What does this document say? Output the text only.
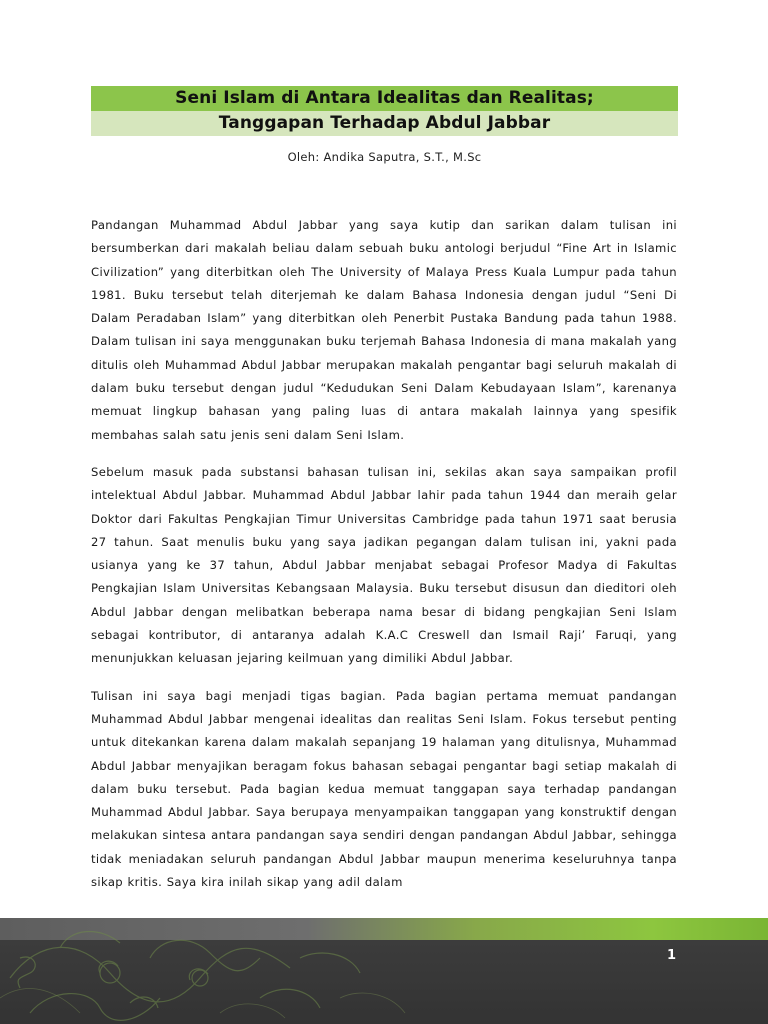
Seni Islam di Antara Idealitas dan Realitas;
Tanggapan Terhadap Abdul Jabbar
Oleh: Andika Saputra, S.T., M.Sc

Pandangan Muhammad Abdul Jabbar yang saya kutip dan sarikan dalam tulisan ini bersumberkan dari makalah beliau dalam sebuah buku antologi berjudul “Fine Art in Islamic Civilization” yang diterbitkan oleh The University of Malaya Press Kuala Lumpur pada tahun 1981. Buku tersebut telah diterjemah ke dalam Bahasa Indonesia dengan judul “Seni Di Dalam Peradaban Islam” yang diterbitkan oleh Penerbit Pustaka Bandung pada tahun 1988. Dalam tulisan ini saya menggunakan buku terjemah Bahasa Indonesia di mana makalah yang ditulis oleh Muhammad Abdul Jabbar merupakan makalah pengantar bagi seluruh makalah di dalam buku tersebut dengan judul “Kedudukan Seni Dalam Kebudayaan Islam”, karenanya memuat lingkup bahasan yang paling luas di antara makalah lainnya yang spesifik membahas salah satu jenis seni dalam Seni Islam.

Sebelum masuk pada substansi bahasan tulisan ini, sekilas akan saya sampaikan profil intelektual Abdul Jabbar. Muhammad Abdul Jabbar lahir pada tahun 1944 dan meraih gelar Doktor dari Fakultas Pengkajian Timur Universitas Cambridge pada tahun 1971 saat berusia 27 tahun. Saat menulis buku yang saya jadikan pegangan dalam tulisan ini, yakni pada usianya yang ke 37 tahun, Abdul Jabbar menjabat sebagai Profesor Madya di Fakultas Pengkajian Islam Universitas Kebangsaan Malaysia. Buku tersebut disusun dan dieditori oleh Abdul Jabbar dengan melibatkan beberapa nama besar di bidang pengkajian Seni Islam sebagai kontributor, di antaranya adalah K.A.C Creswell dan Ismail Raji’ Faruqi, yang menunjukkan keluasan jejaring keilmuan yang dimiliki Abdul Jabbar.

Tulisan ini saya bagi menjadi tigas bagian. Pada bagian pertama memuat pandangan Muhammad Abdul Jabbar mengenai idealitas dan realitas Seni Islam. Fokus tersebut penting untuk ditekankan karena dalam makalah sepanjang 19 halaman yang ditulisnya, Muhammad Abdul Jabbar menyajikan beragam fokus bahasan sebagai pengantar bagi setiap makalah di dalam buku tersebut. Pada bagian kedua memuat tanggapan saya terhadap pandangan Muhammad Abdul Jabbar. Saya berupaya menyampaikan tanggapan yang konstruktif dengan melakukan sintesa antara pandangan saya sendiri dengan pandangan Abdul Jabbar, sehingga tidak meniadakan seluruh pandangan Abdul Jabbar maupun menerima keseluruhnya tanpa sikap kritis. Saya kira inilah sikap yang adil dalam

1
